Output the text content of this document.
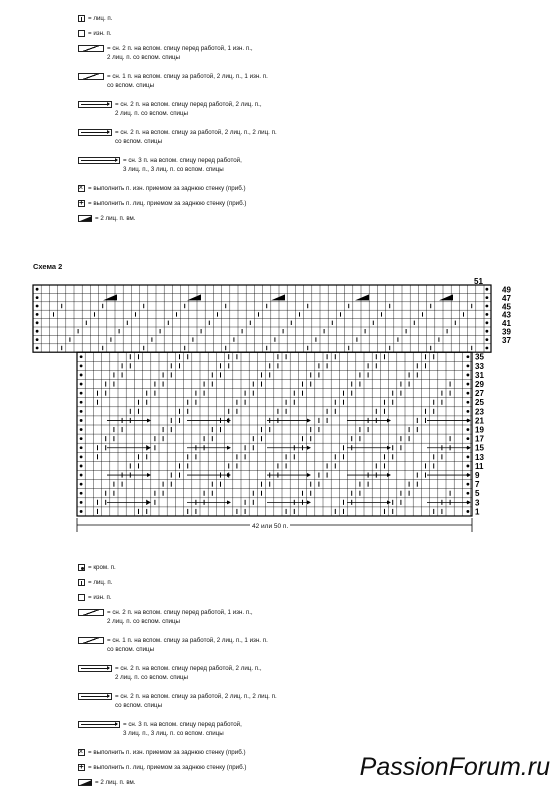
= лиц. п.
= изн. п.
= сн. 2 п. на вспом. спицу перед работой, 1 изн. п.,
2 лиц. п. со вспом. спицы
= сн. 1 п. на вспом. спицу за работой, 2 лиц. п., 1 изн. п.
со вспом. спицы
= сн. 2 п. на вспом. спицу перед работой, 2 лиц. п.,
2 лиц. п. со вспом. спицы
= сн. 2 п. на вспом. спицу за работой, 2 лиц. п., 2 лиц. п.
со вспом. спицы
= сн. 3 п. на вспом. спицу перед работой,
3 лиц. п., 3 лиц. п. со вспом. спицы
= выполнить п. изн. приемом за заднюю стенку (приб.)
= выполнить п. лиц. приемом за заднюю стенку (приб.)
= 2 лиц. п. вм.
Схема 2
51
49
47
45
43
41
39
37
35
33
31
29
27
25
23
21
19
17
15
13
11
9
7
5
3
1
42 или 50 п.
= кром. п.
= лиц. п.
= изн. п.
= сн. 2 п. на вспом. спицу перед работой, 1 изн. п.,
2 лиц. п. со вспом. спицы
= сн. 1 п. на вспом. спицу за работой, 2 лиц. п., 1 изн. п.
со вспом. спицы
= сн. 2 п. на вспом. спицу перед работой, 2 лиц. п.,
2 лиц. п. со вспом. спицы
= сн. 2 п. на вспом. спицу за работой, 2 лиц. п., 2 лиц. п.
со вспом. спицы
= сн. 3 п. на вспом. спицу перед работой,
3 лиц. п., 3 лиц. п. со вспом. спицы
= выполнить п. изн. приемом за заднюю стенку (приб.)
= выполнить п. лиц. приемом за заднюю стенку (приб.)
= 2 лиц. п. вм.
PassionForum.ru
